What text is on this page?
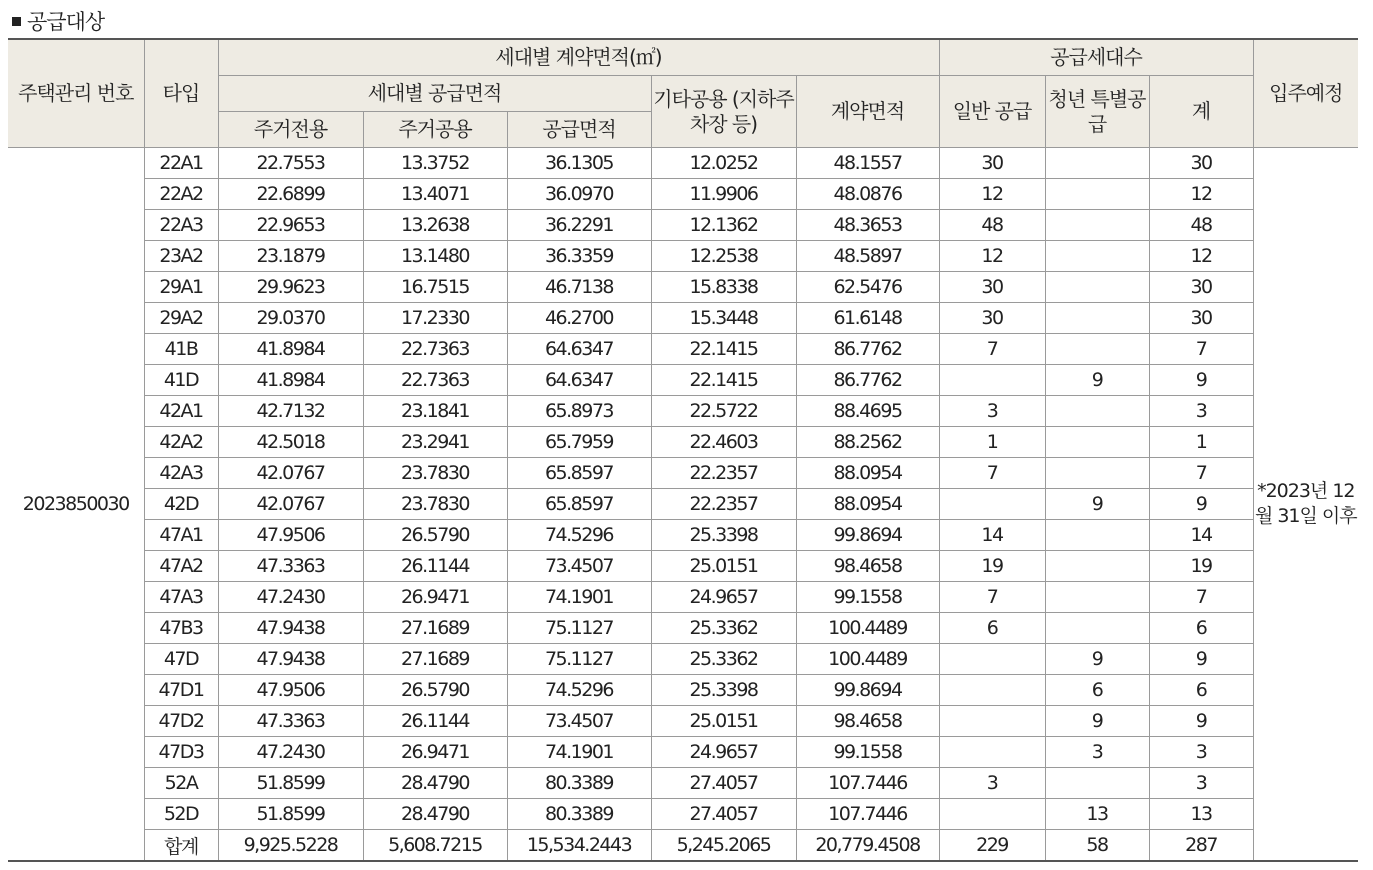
공급대상
주택관리 번호	타입	세대별 계약면적(㎡)					공급세대수			입주예정
		세대별 공급면적			기타공용 (지하주차장 등)	계약면적	일반 공급	청년 특별공급	계	
		주거전용	주거공용	공급면적						
2023850030	22A1	22.7553	13.3752	36.1305	12.0252	48.1557	30		30	*2023년 12월 31일 이후
	22A2	22.6899	13.4071	36.0970	11.9906	48.0876	12		12	
	22A3	22.9653	13.2638	36.2291	12.1362	48.3653	48		48	
	23A2	23.1879	13.1480	36.3359	12.2538	48.5897	12		12	
	29A1	29.9623	16.7515	46.7138	15.8338	62.5476	30		30	
	29A2	29.0370	17.2330	46.2700	15.3448	61.6148	30		30	
	41B	41.8984	22.7363	64.6347	22.1415	86.7762	7		7	
	41D	41.8984	22.7363	64.6347	22.1415	86.7762		9	9	
	42A1	42.7132	23.1841	65.8973	22.5722	88.4695	3		3	
	42A2	42.5018	23.2941	65.7959	22.4603	88.2562	1		1	
	42A3	42.0767	23.7830	65.8597	22.2357	88.0954	7		7	
	42D	42.0767	23.7830	65.8597	22.2357	88.0954		9	9	
	47A1	47.9506	26.5790	74.5296	25.3398	99.8694	14		14	
	47A2	47.3363	26.1144	73.4507	25.0151	98.4658	19		19	
	47A3	47.2430	26.9471	74.1901	24.9657	99.1558	7		7	
	47B3	47.9438	27.1689	75.1127	25.3362	100.4489	6		6	
	47D	47.9438	27.1689	75.1127	25.3362	100.4489		9	9	
	47D1	47.9506	26.5790	74.5296	25.3398	99.8694		6	6	
	47D2	47.3363	26.1144	73.4507	25.0151	98.4658		9	9	
	47D3	47.2430	26.9471	74.1901	24.9657	99.1558		3	3	
	52A	51.8599	28.4790	80.3389	27.4057	107.7446	3		3	
	52D	51.8599	28.4790	80.3389	27.4057	107.7446		13	13	
	합계	9,925.5228	5,608.7215	15,534.2443	5,245.2065	20,779.4508	229	58	287	
